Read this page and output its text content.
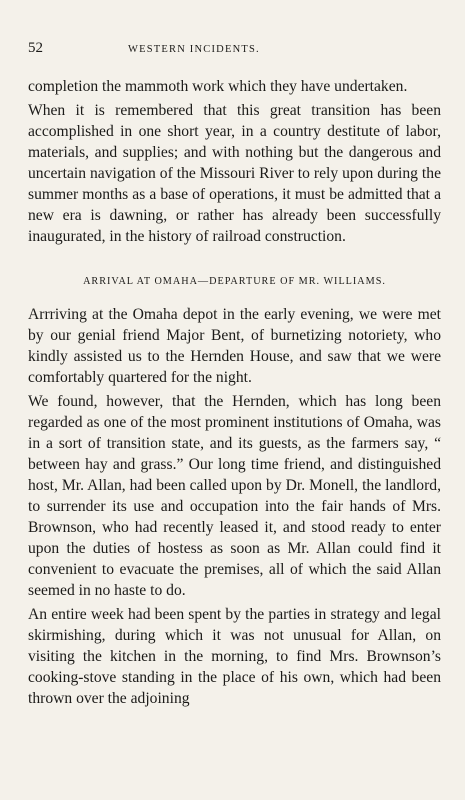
52	WESTERN INCIDENTS.

completion the mammoth work which they have undertaken.

When it is remembered that this great transition has been accomplished in one short year, in a country destitute of labor, materials, and supplies; and with nothing but the dangerous and uncertain navigation of the Missouri River to rely upon during the summer months as a base of operations, it must be admitted that a new era is dawning, or rather has already been successfully inaugurated, in the history of railroad construction.

ARRIVAL AT OMAHA—DEPARTURE OF MR. WILLIAMS.

Arrriving at the Omaha depot in the early evening, we were met by our genial friend Major Bent, of burnetizing notoriety, who kindly assisted us to the Hernden House, and saw that we were comfortably quartered for the night.

We found, however, that the Hernden, which has long been regarded as one of the most prominent institutions of Omaha, was in a sort of transition state, and its guests, as the farmers say, “ between hay and grass.” Our long time friend, and distinguished host, Mr. Allan, had been called upon by Dr. Monell, the landlord, to surrender its use and occupation into the fair hands of Mrs. Brownson, who had recently leased it, and stood ready to enter upon the duties of hostess as soon as Mr. Allan could find it convenient to evacuate the premises, all of which the said Allan seemed in no haste to do.

An entire week had been spent by the parties in strategy and legal skirmishing, during which it was not unusual for Allan, on visiting the kitchen in the morning, to find Mrs. Brownson’s cooking-stove standing in the place of his own, which had been thrown over the adjoining
